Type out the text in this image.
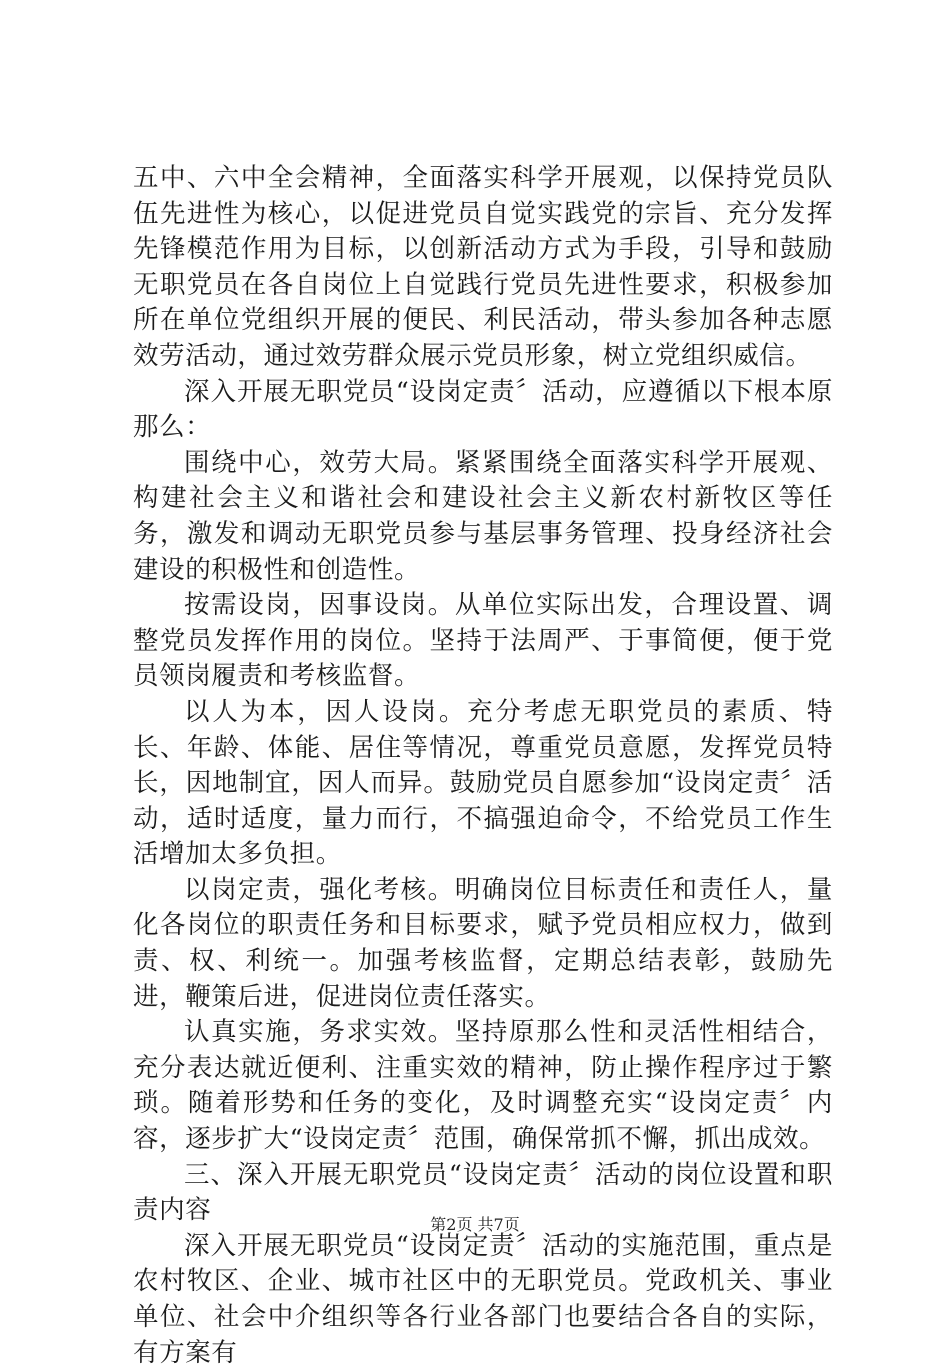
五中、六中全会精神，全面落实科学开展观，以保持党员队伍先进性为核心，以促进党员自觉实践党的宗旨、充分发挥先锋模范作用为目标，以创新活动方式为手段，引导和鼓励无职党员在各自岗位上自觉践行党员先进性要求，积极参加所在单位党组织开展的便民、利民活动，带头参加各种志愿效劳活动，通过效劳群众展示党员形象，树立党组织威信。

深入开展无职党员“设岗定责〞活动，应遵循以下根本原那么：

围绕中心，效劳大局。紧紧围绕全面落实科学开展观、构建社会主义和谐社会和建设社会主义新农村新牧区等任务，激发和调动无职党员参与基层事务管理、投身经济社会建设的积极性和创造性。

按需设岗，因事设岗。从单位实际出发，合理设置、调整党员发挥作用的岗位。坚持于法周严、于事简便，便于党员领岗履责和考核监督。

以人为本，因人设岗。充分考虑无职党员的素质、特长、年龄、体能、居住等情况，尊重党员意愿，发挥党员特长，因地制宜，因人而异。鼓励党员自愿参加“设岗定责〞活动，适时适度，量力而行，不搞强迫命令，不给党员工作生活增加太多负担。

以岗定责，强化考核。明确岗位目标责任和责任人，量化各岗位的职责任务和目标要求，赋予党员相应权力，做到责、权、利统一。加强考核监督，定期总结表彰，鼓励先进，鞭策后进，促进岗位责任落实。

认真实施，务求实效。坚持原那么性和灵活性相结合，充分表达就近便利、注重实效的精神，防止操作程序过于繁琐。随着形势和任务的变化，及时调整充实“设岗定责〞内容，逐步扩大“设岗定责〞范围，确保常抓不懈，抓出成效。

三、深入开展无职党员“设岗定责〞活动的岗位设置和职责内容

深入开展无职党员“设岗定责〞活动的实施范围，重点是农村牧区、企业、城市社区中的无职党员。党政机关、事业单位、社会中介组织等各行业各部门也要结合各自的实际，有方案有

第2页 共7页
